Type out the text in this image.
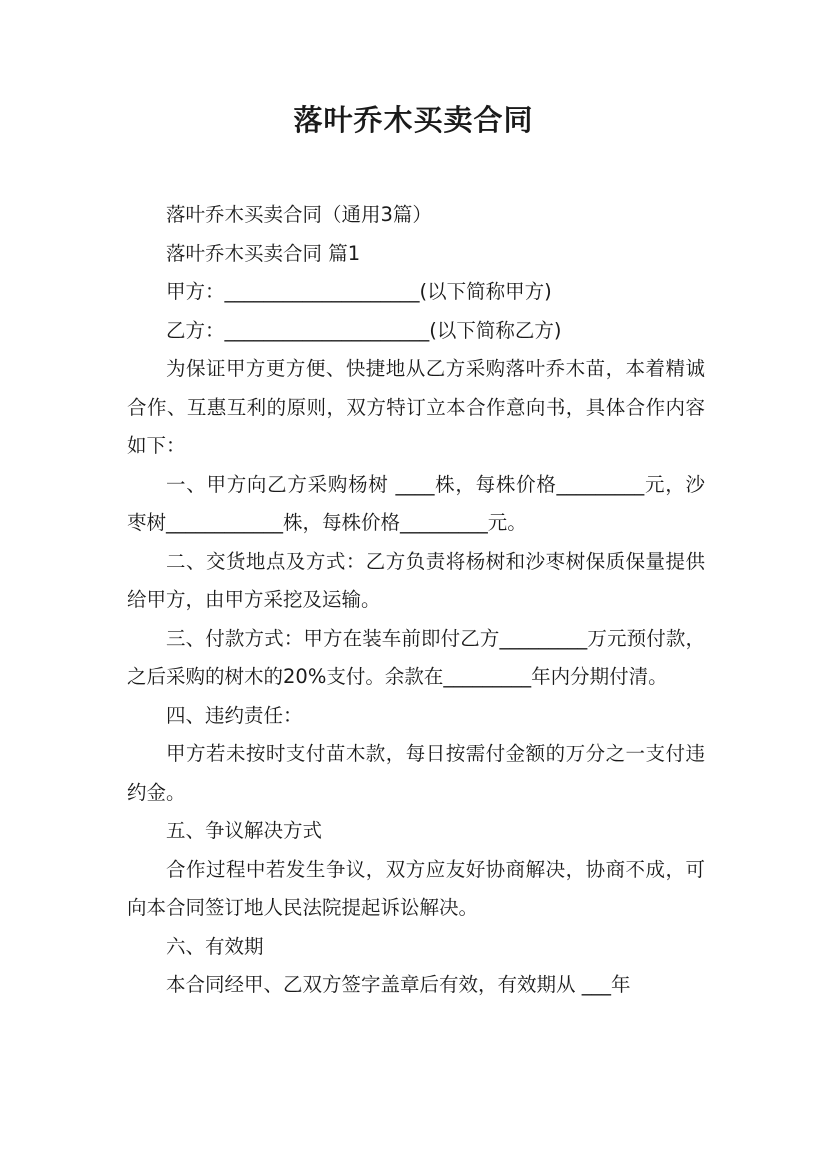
落叶乔木买卖合同

落叶乔木买卖合同（通用3篇）

落叶乔木买卖合同 篇1

甲方：____________________(以下简称甲方)

乙方：_____________________(以下简称乙方)

为保证甲方更方便、快捷地从乙方采购落叶乔木苗，本着精诚合作、互惠互利的原则，双方特订立本合作意向书，具体合作内容如下：

一、甲方向乙方采购杨树 ____株，每株价格_________元，沙枣树____________株，每株价格_________元。

二、交货地点及方式：乙方负责将杨树和沙枣树保质保量提供给甲方，由甲方采挖及运输。

三、付款方式：甲方在装车前即付乙方_________万元预付款，之后采购的树木的20%支付。余款在_________年内分期付清。

四、违约责任：

甲方若未按时支付苗木款，每日按需付金额的万分之一支付违约金。

五、争议解决方式

合作过程中若发生争议，双方应友好协商解决，协商不成，可向本合同签订地人民法院提起诉讼解决。

六、有效期

本合同经甲、乙双方签字盖章后有效，有效期从 ___年
